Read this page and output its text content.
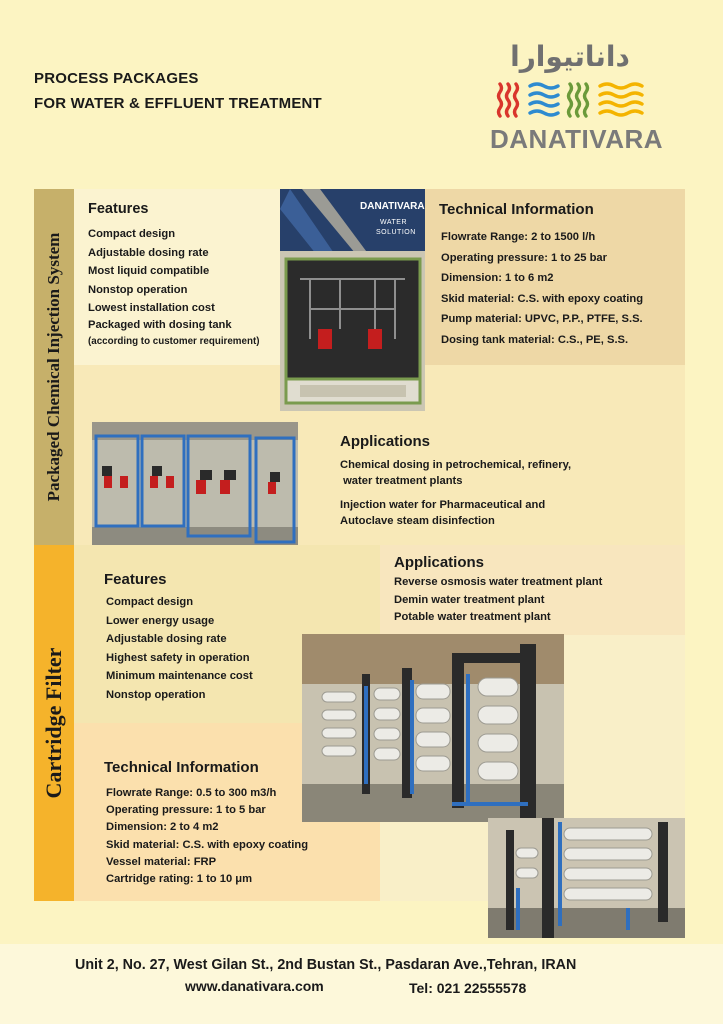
PROCESS PACKAGES
FOR WATER & EFFLUENT TREATMENT
داناتیوارا
DANATIVARA
Packaged Chemical Injection System
Features
Compact design
Adjustable dosing rate
Most liquid compatible
Nonstop operation
Lowest installation cost
Packaged with dosing tank
(according to customer requirement)
Technical Information
Flowrate Range: 2 to 1500 l/h
Operating pressure: 1 to 25 bar
Dimension: 1 to 6 m2
Skid material: C.S. with epoxy coating
Pump material: UPVC, P.P., PTFE, S.S.
Dosing tank material: C.S., PE, S.S.
Applications
Chemical dosing in petrochemical, refinery,
water treatment plants
Injection water for Pharmaceutical and
Autoclave steam disinfection
DANATIVARA
WATER
SOLUTION
Cartridge Filter
Applications
Reverse osmosis water treatment plant
Demin water treatment plant
Potable water treatment plant
Features
Compact design
Lower energy usage
Adjustable dosing rate
Highest safety in operation
Minimum maintenance cost
Nonstop operation
Technical Information
Flowrate Range: 0.5 to 300 m3/h
Operating pressure: 1 to 5 bar
Dimension: 2 to 4 m2
Skid material: C.S. with epoxy coating
Vessel material: FRP
Cartridge rating: 1 to 10 μm
Unit 2, No. 27, West Gilan St., 2nd Bustan St., Pasdaran Ave.,Tehran, IRAN
www.danativara.com	Tel: 021 22555578
